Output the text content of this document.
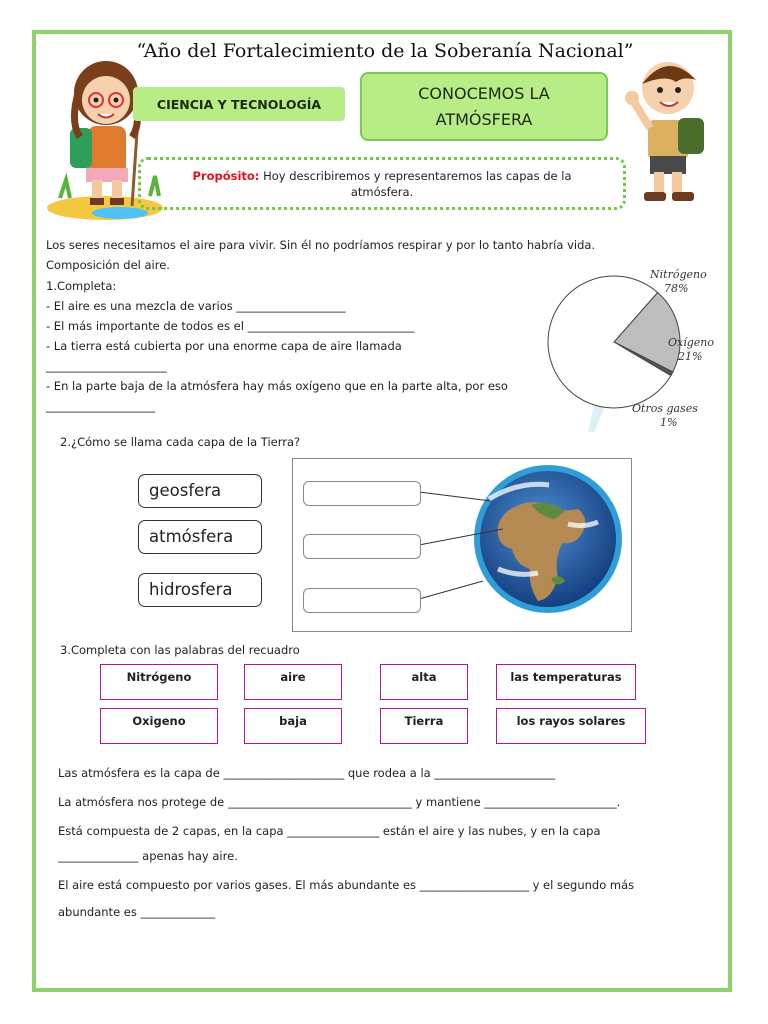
“Año del Fortalecimiento de la Soberanía Nacional”
CIENCIA Y TECNOLOGÍA
CONOCEMOS LA
ATMÓSFERA
Propósito: Hoy describiremos y representaremos las capas de la atmósfera.
Los seres necesitamos el aire para vivir. Sin él no podríamos respirar y por lo tanto habría vida.
Composición del aire.
1.Completa:
- El aire es una mezcla de varios ___________________
- El más importante de todos es el _____________________________
- La tierra está cubierta por una enorme capa de aire llamada
_____________________
- En la parte baja de la atmósfera hay más oxígeno que en la parte alta, por eso
___________________
Nitrógeno
78%
Oxígeno
21%
Otros gases
1%
2.¿Cómo se llama cada capa de la Tierra?
geosfera
atmósfera
hidrosfera
3.Completa con las palabras del recuadro
Nitrógeno	aire	alta	las temperaturas
Oxigeno	baja	Tierra	los rayos solares
Las atmósfera es la capa de _____________________ que rodea a la _____________________
La atmósfera nos protege de ________________________________ y mantiene _______________________.
Está compuesta de 2 capas, en la capa ________________ están el aire y las nubes, y en la capa
______________ apenas hay aire.
El aire está compuesto por varios gases. El más abundante es ___________________ y el segundo más
abundante es _____________
